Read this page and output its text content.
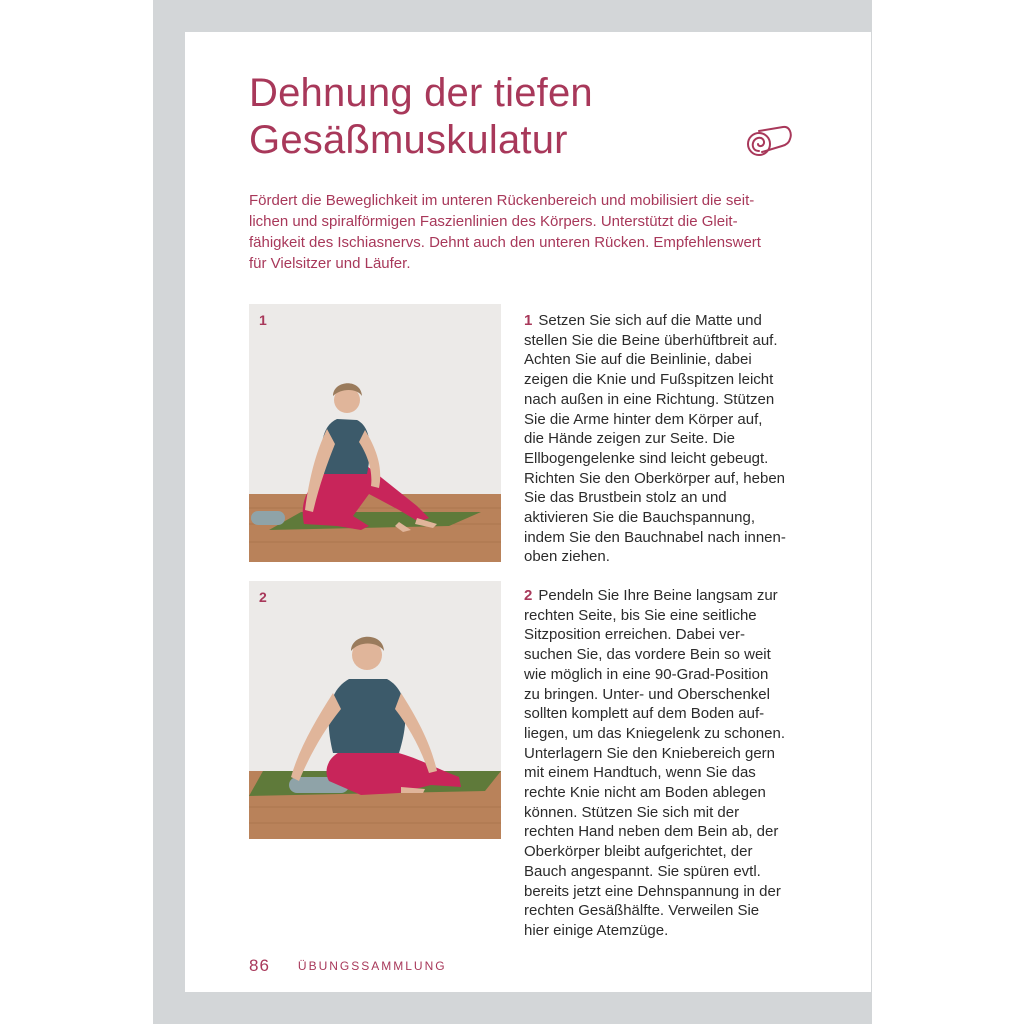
Dehnung der tiefen
Gesäßmuskulatur

Fördert die Beweglichkeit im unteren Rückenbereich und mobilisiert die seitlichen und spiralförmigen Faszienlinien des Körpers. Unterstützt die Gleitfähigkeit des Ischiasnervs. Dehnt auch den unteren Rücken. Empfehlenswert für Vielsitzer und Läufer.

1
2

1 Setzen Sie sich auf die Matte und stellen Sie die Beine überhüftbreit auf. Achten Sie auf die Beinlinie, dabei zeigen die Knie und Fußspitzen leicht nach außen in eine Richtung. Stützen Sie die Arme hinter dem Körper auf, die Hände zeigen zur Seite. Die Ellbogengelenke sind leicht gebeugt. Richten Sie den Oberkörper auf, heben Sie das Brustbein stolz an und aktivieren Sie die Bauchspannung, indem Sie den Bauchnabel nach innen-oben ziehen.

2 Pendeln Sie Ihre Beine langsam zur rechten Seite, bis Sie eine seitliche Sitzposition erreichen. Dabei versuchen Sie, das vordere Bein so weit wie möglich in eine 90-Grad-Position zu bringen. Unter- und Oberschenkel sollten komplett auf dem Boden aufliegen, um das Kniegelenk zu schonen. Unterlagern Sie den Kniebereich gern mit einem Handtuch, wenn Sie das rechte Knie nicht am Boden ablegen können. Stützen Sie sich mit der rechten Hand neben dem Bein ab, der Oberkörper bleibt aufgerichtet, der Bauch angespannt. Sie spüren evtl. bereits jetzt eine Dehnspannung in der rechten Gesäßhälfte. Verweilen Sie hier einige Atemzüge.

86 ÜBUNGSSAMMLUNG
